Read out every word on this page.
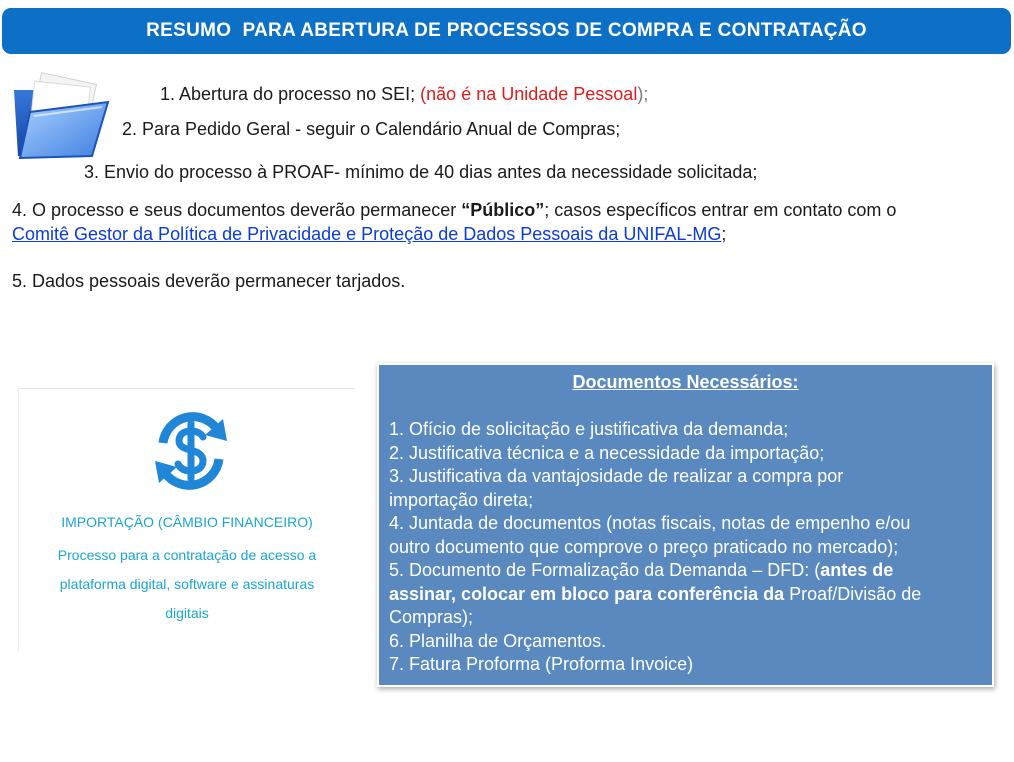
RESUMO  PARA ABERTURA DE PROCESSOS DE COMPRA E CONTRATAÇÃO
1. Abertura do processo no SEI; (não é na Unidade Pessoal);
2. Para Pedido Geral - seguir o Calendário Anual de Compras;
3. Envio do processo à PROAF- mínimo de 40 dias antes da necessidade solicitada;
4. O processo e seus documentos deverão permanecer “Público”; casos específicos entrar em contato com o
Comitê Gestor da Política de Privacidade e Proteção de Dados Pessoais da UNIFAL-MG;
5. Dados pessoais deverão permanecer tarjados.
IMPORTAÇÃO (CÂMBIO FINANCEIRO)
Processo para a contratação de acesso a
plataforma digital, software e assinaturas
digitais
Documentos Necessários:
1. Ofício de solicitação e justificativa da demanda;
2. Justificativa técnica e a necessidade da importação;
3. Justificativa da vantajosidade de realizar a compra por
importação direta;
4. Juntada de documentos (notas fiscais, notas de empenho e/ou
outro documento que comprove o preço praticado no mercado);
5. Documento de Formalização da Demanda – DFD: (antes de
assinar, colocar em bloco para conferência da Proaf/Divisão de
Compras);
6. Planilha de Orçamentos.
7. Fatura Proforma (Proforma Invoice)
